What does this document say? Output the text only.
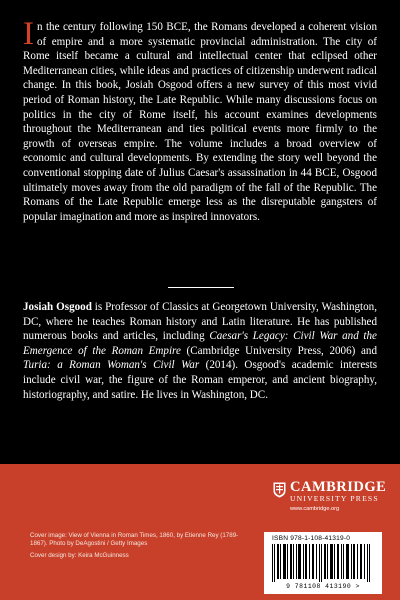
In the century following 150 BCE, the Romans developed a coherent vision of empire and a more systematic provincial administration. The city of Rome itself became a cultural and intellectual center that eclipsed other Mediterranean cities, while ideas and practices of citizenship underwent radical change. In this book, Josiah Osgood offers a new survey of this most vivid period of Roman history, the Late Republic. While many discussions focus on politics in the city of Rome itself, his account examines developments throughout the Mediterranean and ties political events more firmly to the growth of overseas empire. The volume includes a broad overview of economic and cultural developments. By extending the story well beyond the conventional stopping date of Julius Caesar's assassination in 44 BCE, Osgood ultimately moves away from the old paradigm of the fall of the Republic. The Romans of the Late Republic emerge less as the disreputable gangsters of popular imagination and more as inspired innovators.

Josiah Osgood is Professor of Classics at Georgetown University, Washington, DC, where he teaches Roman history and Latin literature. He has published numerous books and articles, including Caesar's Legacy: Civil War and the Emergence of the Roman Empire (Cambridge University Press, 2006) and Turia: a Roman Woman's Civil War (2014). Osgood's academic interests include civil war, the figure of the Roman emperor, and ancient biography, historiography, and satire. He lives in Washington, DC.

Cover image: View of Vienna in Roman Times, 1860, by Etienne Rey (1789-1867). Photo by DeAgostini / Getty Images

Cover design by: Keira McGuinness

CAMBRIDGE
UNIVERSITY PRESS
www.cambridge.org
ISBN 978-1-108-41319-0
9 781108 413190 >
